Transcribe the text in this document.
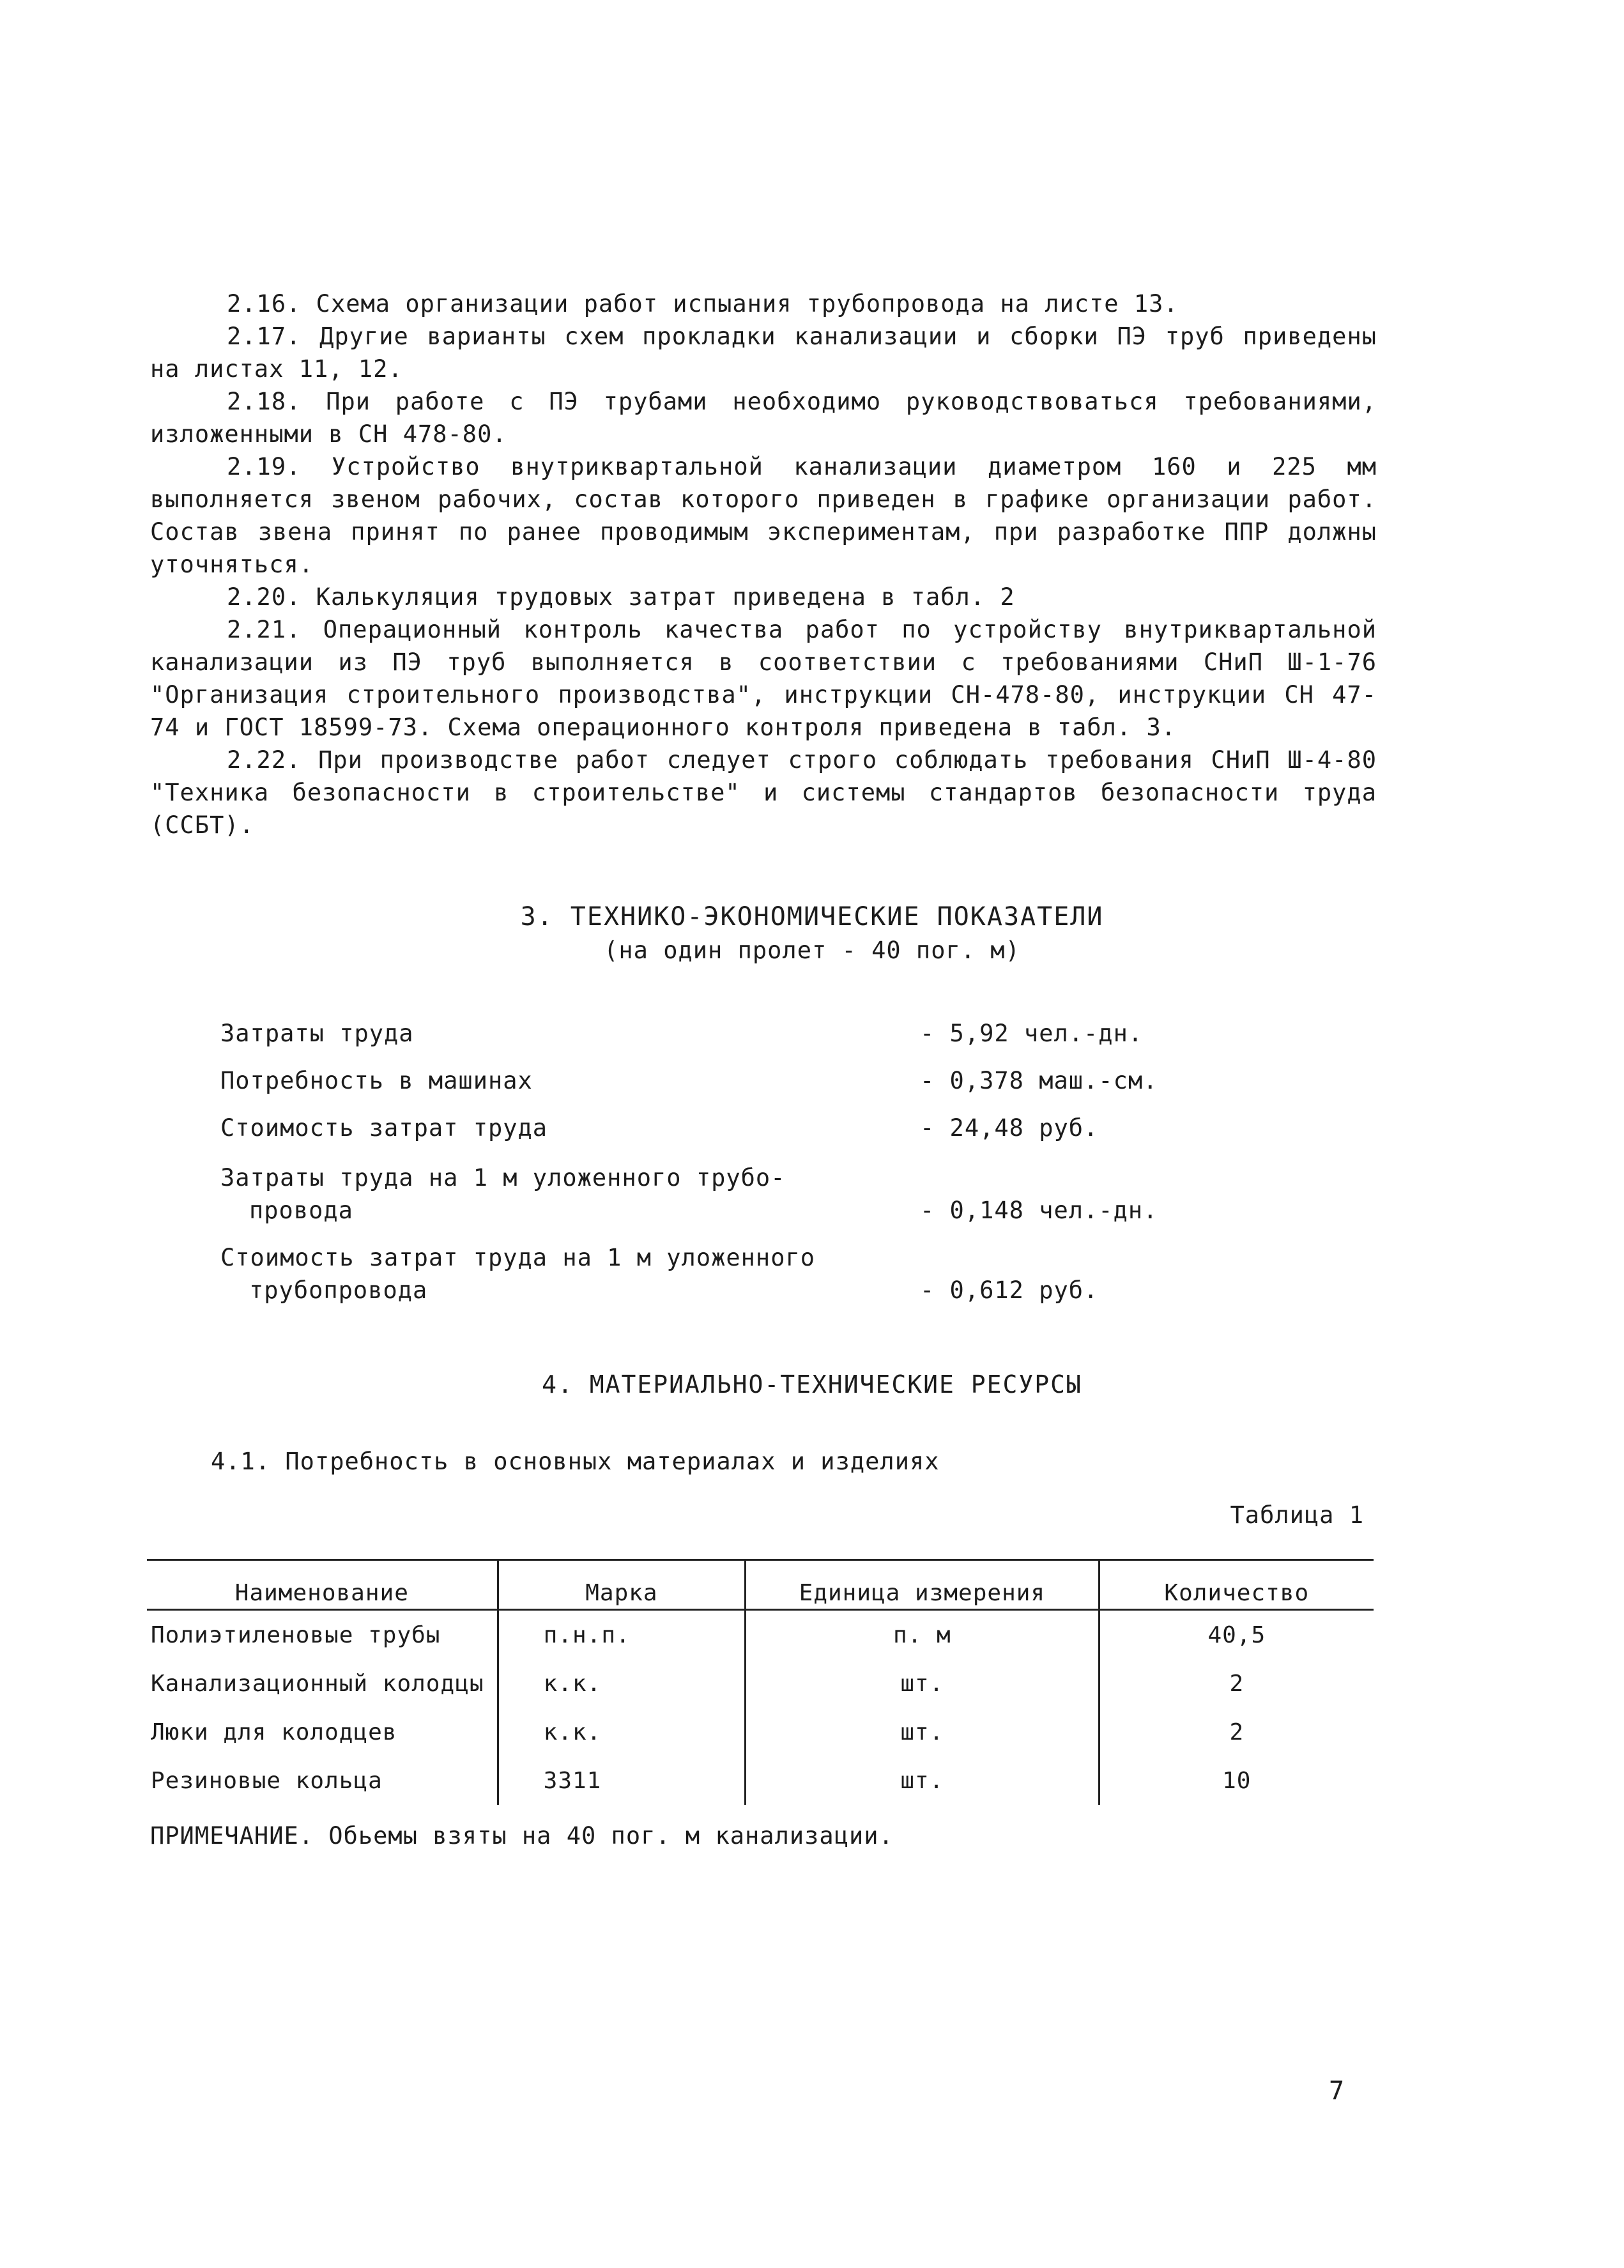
2.16. Схема организации работ испыания трубопровода на листе 13.

2.17. Другие варианты схем прокладки канализации и сборки ПЭ труб приведены на листах 11, 12.

2.18. При работе с ПЭ трубами необходимо руководствоваться требованиями, изложенными в СН 478-80.

2.19. Устройство внутриквартальной канализации диаметром 160 и 225 мм выполняется звеном рабочих, состав которого приведен в графике организации работ. Состав звена принят по ранее проводимым экспериментам, при разработке ППР должны уточняться.

2.20. Калькуляция трудовых затрат приведена в табл. 2

2.21. Операционный контроль качества работ по устройству внутриквартальной канализации из ПЭ труб выполняется в соответствии с требованиями СНиП Ш-1-76 "Организация строительного производства", инструкции СН-478-80, инструкции СН 47-74 и ГОСТ 18599-73. Схема операционного контроля приведена в табл. 3.

2.22. При производстве работ следует строго соблюдать требования СНиП Ш-4-80 "Техника безопасности в строительстве" и системы стандартов безопасности труда (ССБТ).

3. ТЕХНИКО-ЭКОНОМИЧЕСКИЕ ПОКАЗАТЕЛИ
(на один пролет - 40 пог. м)
Затраты труда	- 5,92 чел.-дн.
Потребность в машинах	- 0,378 маш.-см.
Стоимость затрат труда	- 24,48 руб.
Затраты труда на 1 м уложенного трубо-
провода	- 0,148 чел.-дн.
Стоимость затрат труда на 1 м уложенного
трубопровода	- 0,612 руб.
4. МАТЕРИАЛЬНО-ТЕХНИЧЕСКИЕ РЕСУРСЫ
4.1. Потребность в основных материалах и изделиях
Таблица 1
Наименование	Марка	Единица измерения	Количество
Полиэтиленовые трубы	п.н.п.	п. м	40,5
Канализационный колодцы	к.к.	шт.	2
Люки для колодцев	к.к.	шт.	2
Резиновые кольца	3311	шт.	10
ПРИМЕЧАНИЕ. Обьемы взяты на 40 пог. м канализации.
7
